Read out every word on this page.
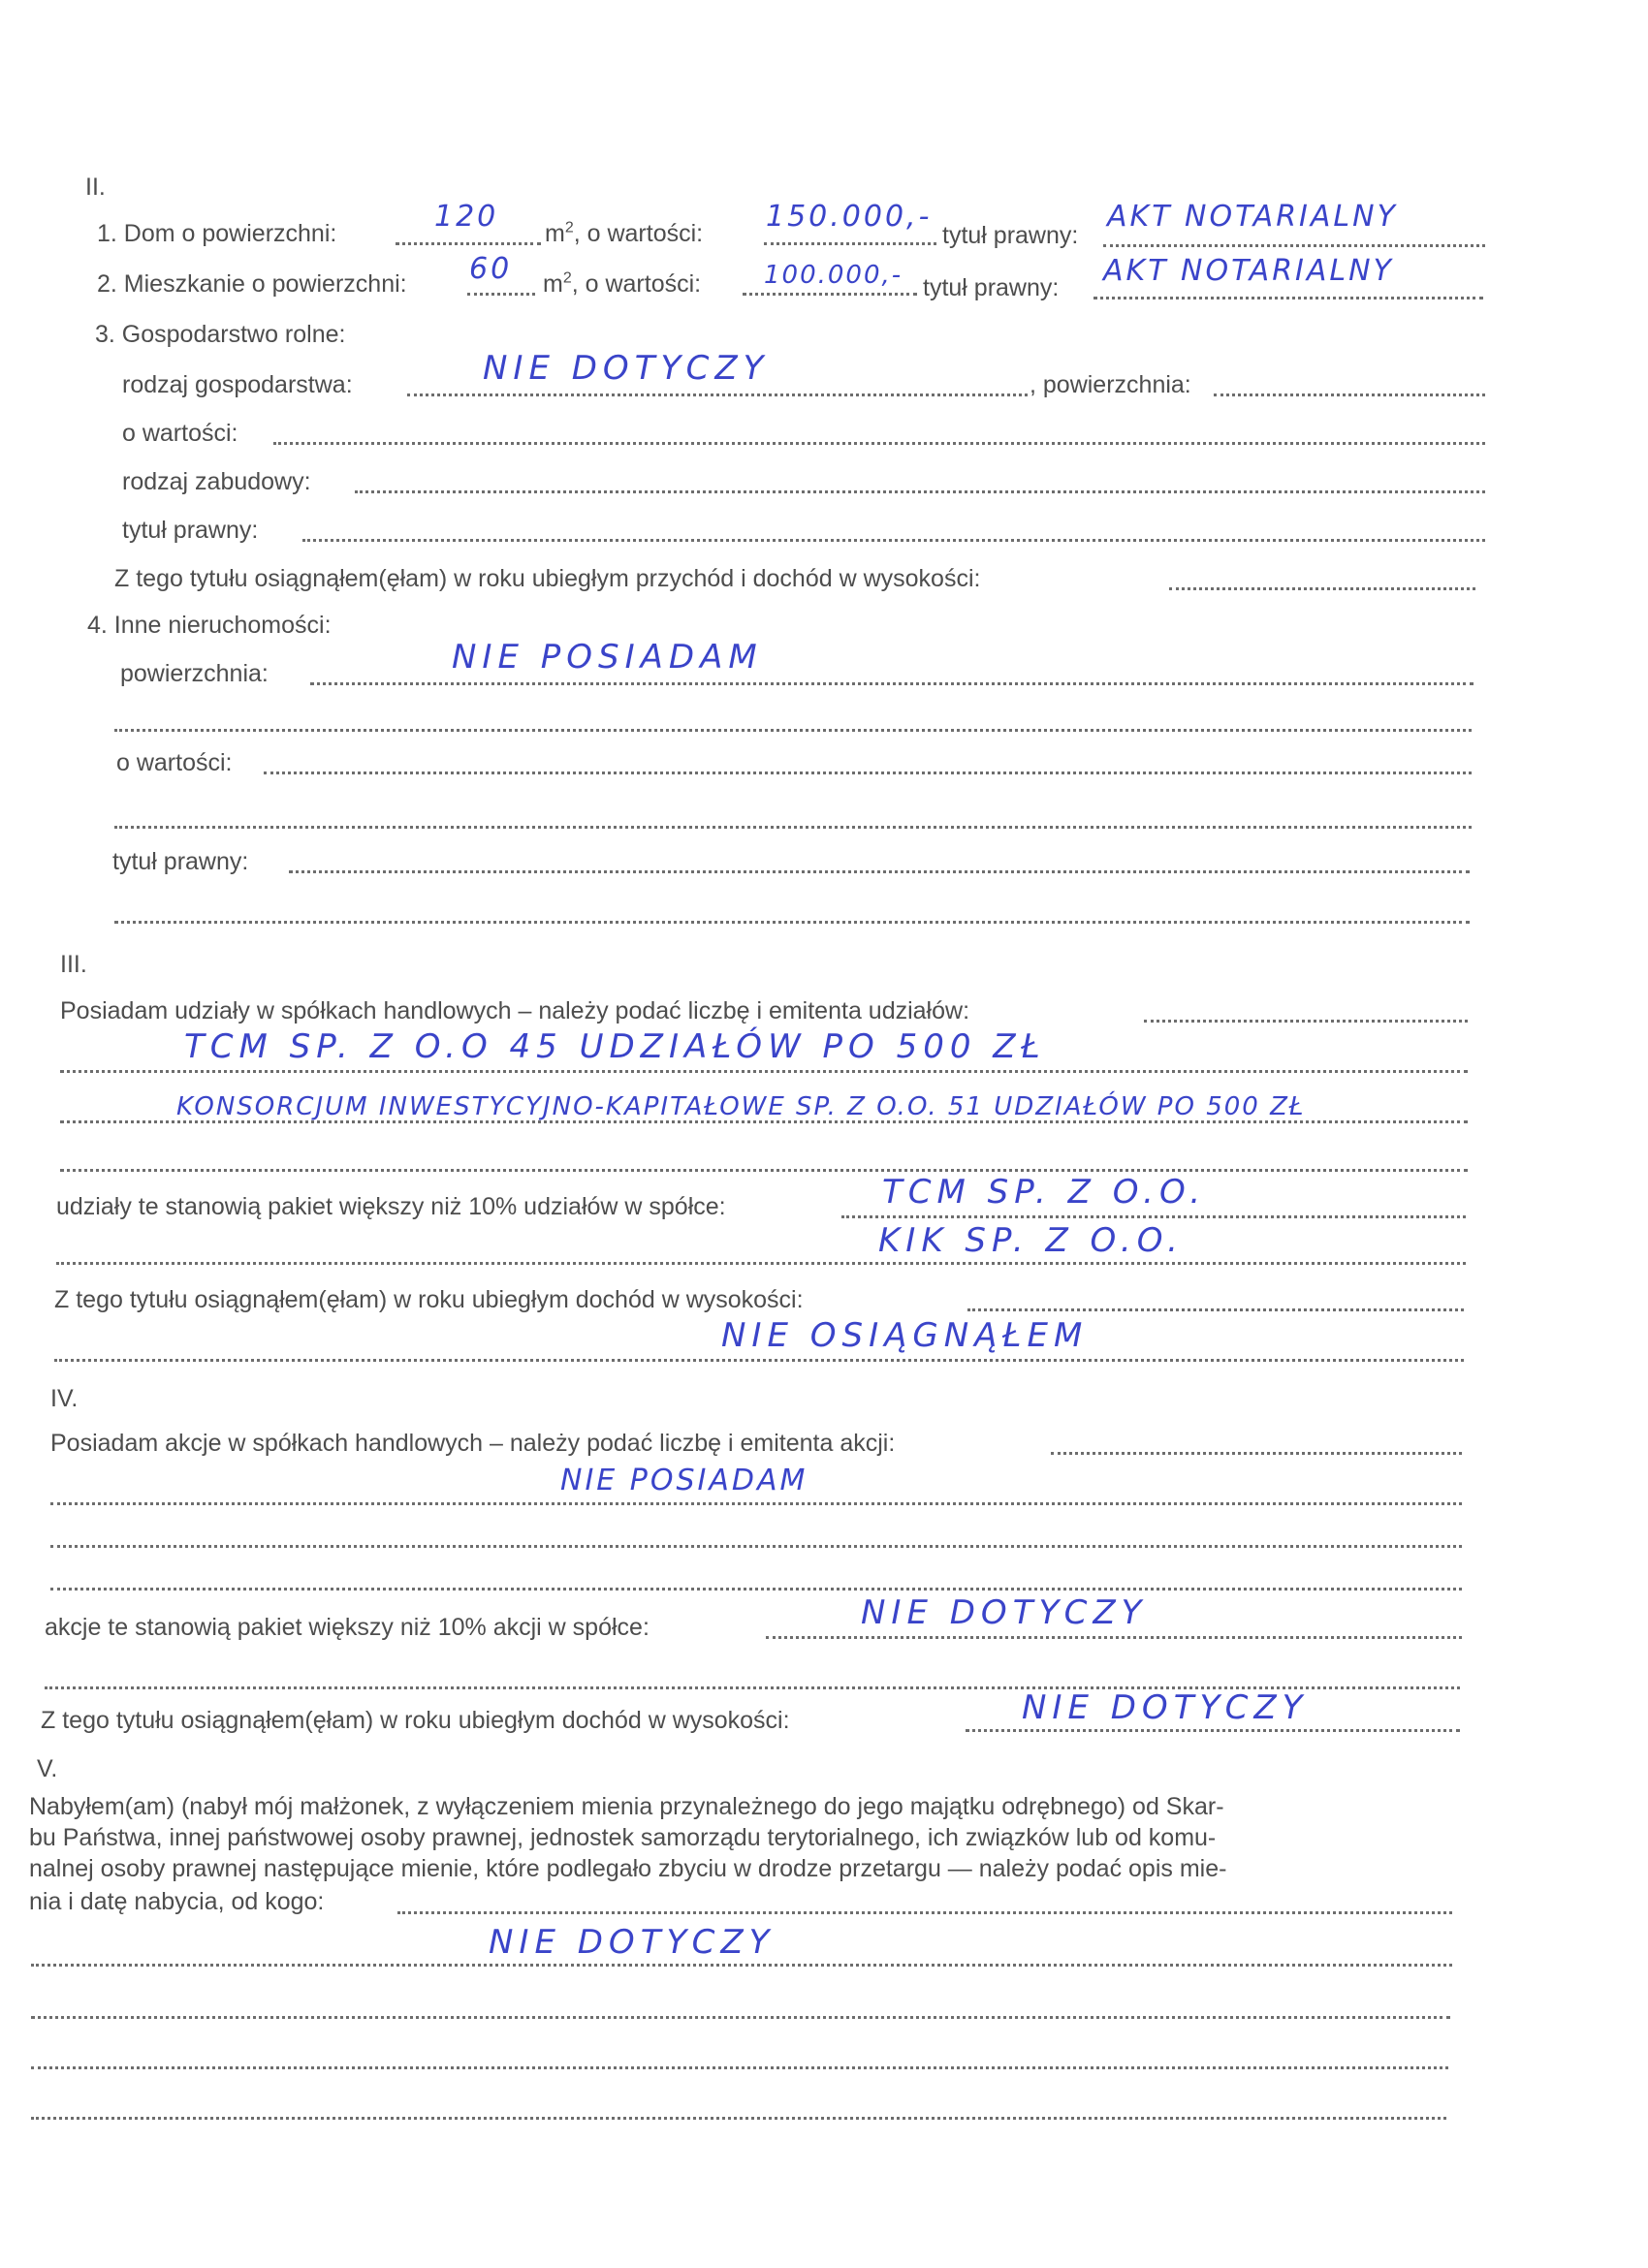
II.
1. Dom o powierzchni:	120 $m^2$, o wartości: 150.000,-
tytuł prawny:
AKT NOTARIALNY
2. Mieszkanie o powierzchni: 60 $m^2$, o wartości: 100.000,- tytuł prawny: AKT NOTARIALNY
3. Gospodarstwo rolne:
rodzaj gospodarstwa:	NIE DOTYCZY	, powierzchnia:
o wartości:
rodzaj zabudowy:
tytuł prawny:
Z tego tytułu osiągnąłem(ęłam) w roku ubiegłym przychód i dochód w wysokości:
4. Inne nieruchomości:
powierzchnia:	NIE POSIADAM
o wartości:
tytuł prawny:
III.
Posiadam udziały w spółkach handlowych – należy podać liczbę i emitenta udziałów:
TCM SP. Z O.O 45 UDZIAŁÓW PO 500 ZŁ
KONSORCJUM INWESTYCYJNO-KAPITAŁOWE SP. Z O.O. 51 UDZIAŁÓW PO 500 ZŁ
udziały te stanowią pakiet większy niż 10% udziałów w spółce:	TCM SP. Z O.O.
KIK SP. Z O.O.
Z tego tytułu osiągnąłem(ęłam) w roku ubiegłym dochód w wysokości:
NIE OSIĄGNĄŁEM
IV.
Posiadam akcje w spółkach handlowych – należy podać liczbę i emitenta akcji:
NIE POSIADAM
akcje te stanowią pakiet większy niż 10% akcji w spółce:	NIE DOTYCZY
Z tego tytułu osiągnąłem(ęłam) w roku ubiegłym dochód w wysokości:	NIE DOTYCZY
V.
Nabyłem(am) (nabył mój małżonek, z wyłączeniem mienia przynależnego do jego majątku odrębnego) od Skar-
bu Państwa, innej państwowej osoby prawnej, jednostek samorządu terytorialnego, ich związków lub od komu-
nalnej osoby prawnej następujące mienie, które podlegało zbyciu w drodze przetargu — należy podać opis mie-
nia i datę nabycia, od kogo:
NIE DOTYCZY
